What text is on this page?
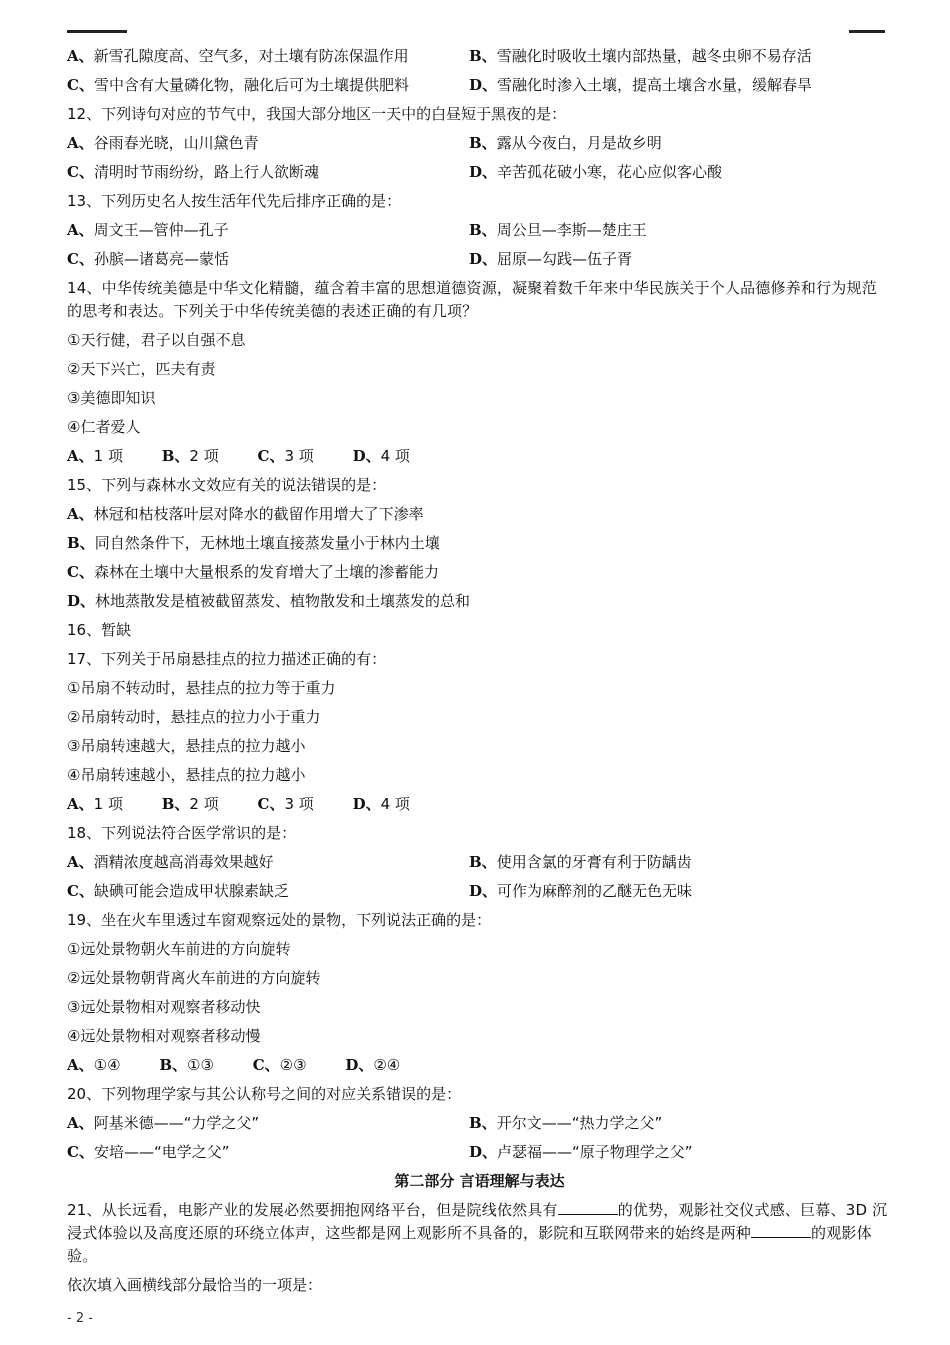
A、新雪孔隙度高、空气多，对土壤有防冻保温作用	B、雪融化时吸收土壤内部热量，越冬虫卵不易存活
C、雪中含有大量磷化物，融化后可为土壤提供肥料	D、雪融化时渗入土壤，提高土壤含水量，缓解春旱
12、下列诗句对应的节气中，我国大部分地区一天中的白昼短于黑夜的是：
A、谷雨春光晓，山川黛色青	B、露从今夜白，月是故乡明
C、清明时节雨纷纷，路上行人欲断魂	D、辛苦孤花破小寒，花心应似客心酸
13、下列历史名人按生活年代先后排序正确的是：
A、周文王—管仲—孔子	B、周公旦—李斯—楚庄王
C、孙膑—诸葛亮—蒙恬	D、屈原—勾践—伍子胥
14、中华传统美德是中华文化精髓，蕴含着丰富的思想道德资源，凝聚着数千年来中华民族关于个人品德修养和行为规范的思考和表达。下列关于中华传统美德的表述正确的有几项？
①天行健，君子以自强不息
②天下兴亡，匹夫有责
③美德即知识
④仁者爱人
A、1 项	B、2 项	C、3 项	D、4 项
15、下列与森林水文效应有关的说法错误的是：
A、林冠和枯枝落叶层对降水的截留作用增大了下渗率
B、同自然条件下，无林地土壤直接蒸发量小于林内土壤
C、森林在土壤中大量根系的发育增大了土壤的渗蓄能力
D、林地蒸散发是植被截留蒸发、植物散发和土壤蒸发的总和
16、暂缺
17、下列关于吊扇悬挂点的拉力描述正确的有：
①吊扇不转动时，悬挂点的拉力等于重力
②吊扇转动时，悬挂点的拉力小于重力
③吊扇转速越大，悬挂点的拉力越小
④吊扇转速越小，悬挂点的拉力越小
A、1 项	B、2 项	C、3 项	D、4 项
18、下列说法符合医学常识的是：
A、酒精浓度越高消毒效果越好	B、使用含氯的牙膏有利于防龋齿
C、缺碘可能会造成甲状腺素缺乏	D、可作为麻醉剂的乙醚无色无味
19、坐在火车里透过车窗观察远处的景物，下列说法正确的是：
①远处景物朝火车前进的方向旋转
②远处景物朝背离火车前进的方向旋转
③远处景物相对观察者移动快
④远处景物相对观察者移动慢
A、①④	B、①③	C、②③	D、②④
20、下列物理学家与其公认称号之间的对应关系错误的是：
A、阿基米德——“力学之父”	B、开尔文——“热力学之父”
C、安培——“电学之父”	D、卢瑟福——“原子物理学之父”
第二部分 言语理解与表达
21、从长远看，电影产业的发展必然要拥抱网络平台，但是院线依然具有	的优势，观影社交仪式感、巨幕、3D 沉浸式体验以及高度还原的环绕立体声，这些都是网上观影所不具备的，影院和互联网带来的始终是两种	的观影体验。
依次填入画横线部分最恰当的一项是：
- 2 -
